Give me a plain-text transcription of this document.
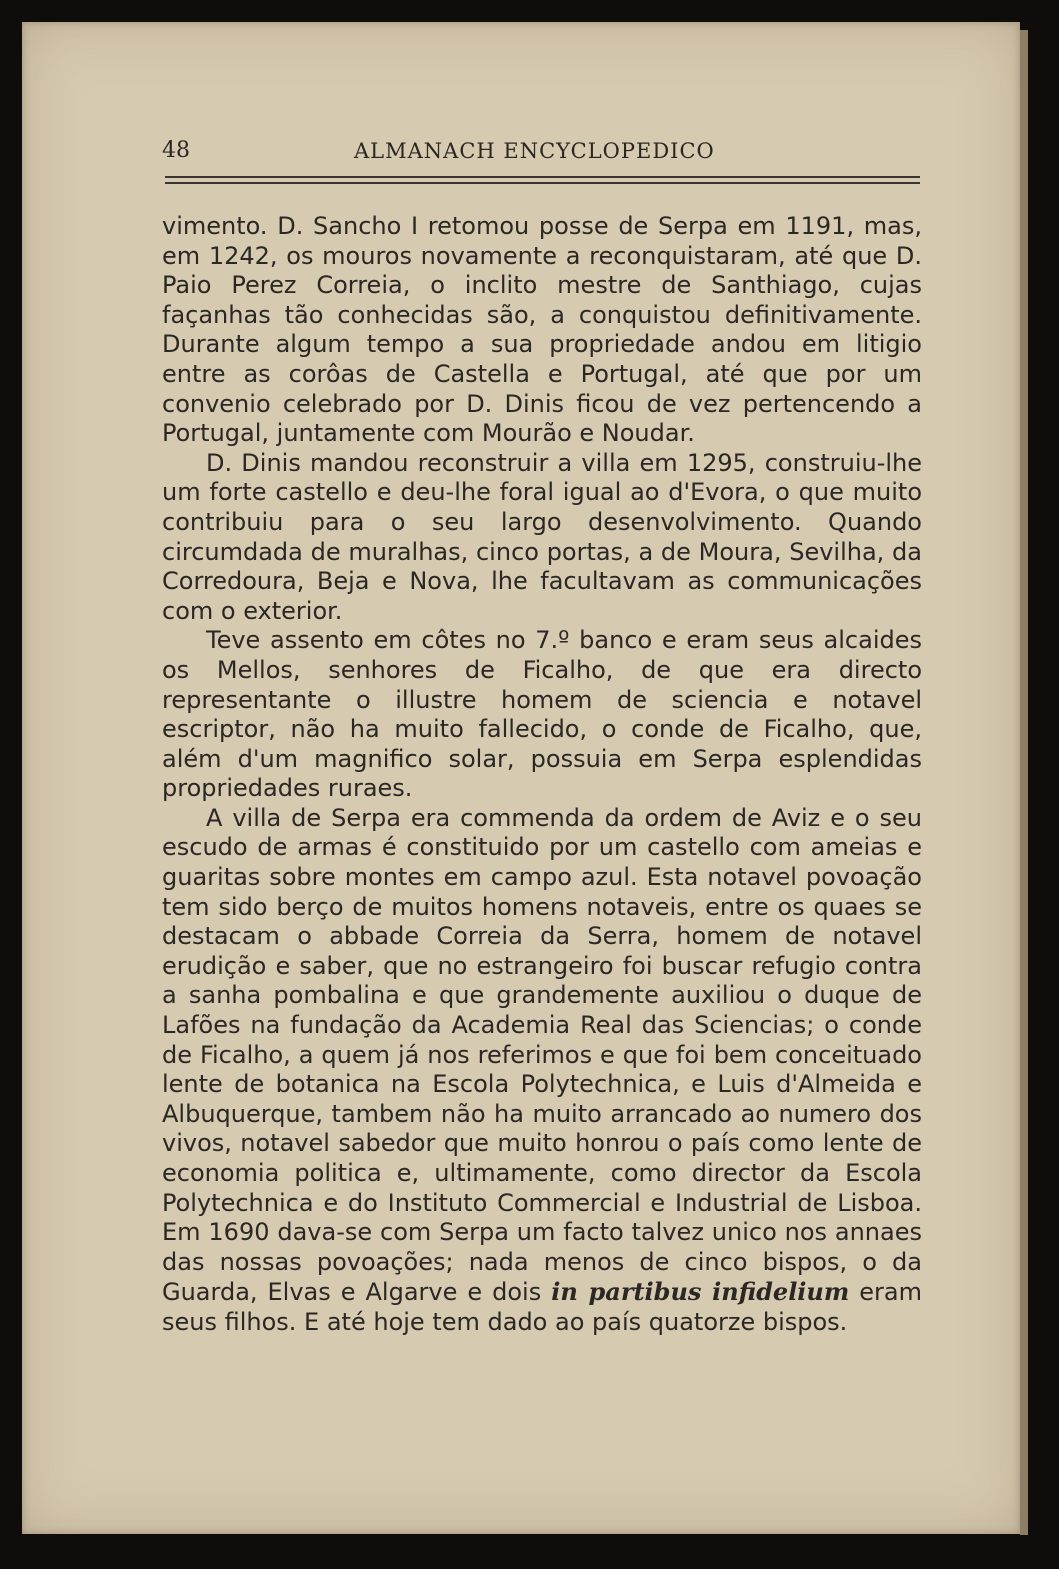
48	ALMANACH ENCYCLOPEDICO

vimento. D. Sancho I retomou posse de Serpa em 1191, mas, em 1242, os mouros novamente a reconquistaram, até que D. Paio Perez Correia, o inclito mestre de Santhiago, cujas façanhas tão conhecidas são, a conquistou definitivamente. Durante algum tempo a sua propriedade andou em litigio entre as corôas de Castella e Portugal, até que por um convenio celebrado por D. Dinis ficou de vez pertencendo a Portugal, juntamente com Mourão e Noudar.

D. Dinis mandou reconstruir a villa em 1295, construiu-lhe um forte castello e deu-lhe foral igual ao d'Evora, o que muito contribuiu para o seu largo desenvolvimento. Quando circumdada de muralhas, cinco portas, a de Moura, Sevilha, da Corredoura, Beja e Nova, lhe facultavam as communicações com o exterior.

Teve assento em côtes no 7.º banco e eram seus alcaides os Mellos, senhores de Ficalho, de que era directo representante o illustre homem de sciencia e notavel escriptor, não ha muito fallecido, o conde de Ficalho, que, além d'um magnifico solar, possuia em Serpa esplendidas propriedades ruraes.

A villa de Serpa era commenda da ordem de Aviz e o seu escudo de armas é constituido por um castello com ameias e guaritas sobre montes em campo azul. Esta notavel povoação tem sido berço de muitos homens notaveis, entre os quaes se destacam o abbade Correia da Serra, homem de notavel erudição e saber, que no estrangeiro foi buscar refugio contra a sanha pombalina e que grandemente auxiliou o duque de Lafões na fundação da Academia Real das Sciencias; o conde de Ficalho, a quem já nos referimos e que foi bem conceituado lente de botanica na Escola Polytechnica, e Luis d'Almeida e Albuquerque, tambem não ha muito arrancado ao numero dos vivos, notavel sabedor que muito honrou o país como lente de economia politica e, ultimamente, como director da Escola Polytechnica e do Instituto Commercial e Industrial de Lisboa. Em 1690 dava-se com Serpa um facto talvez unico nos annaes das nossas povoações; nada menos de cinco bispos, o da Guarda, Elvas e Algarve e dois in partibus infidelium eram seus filhos. E até hoje tem dado ao país quatorze bispos.
